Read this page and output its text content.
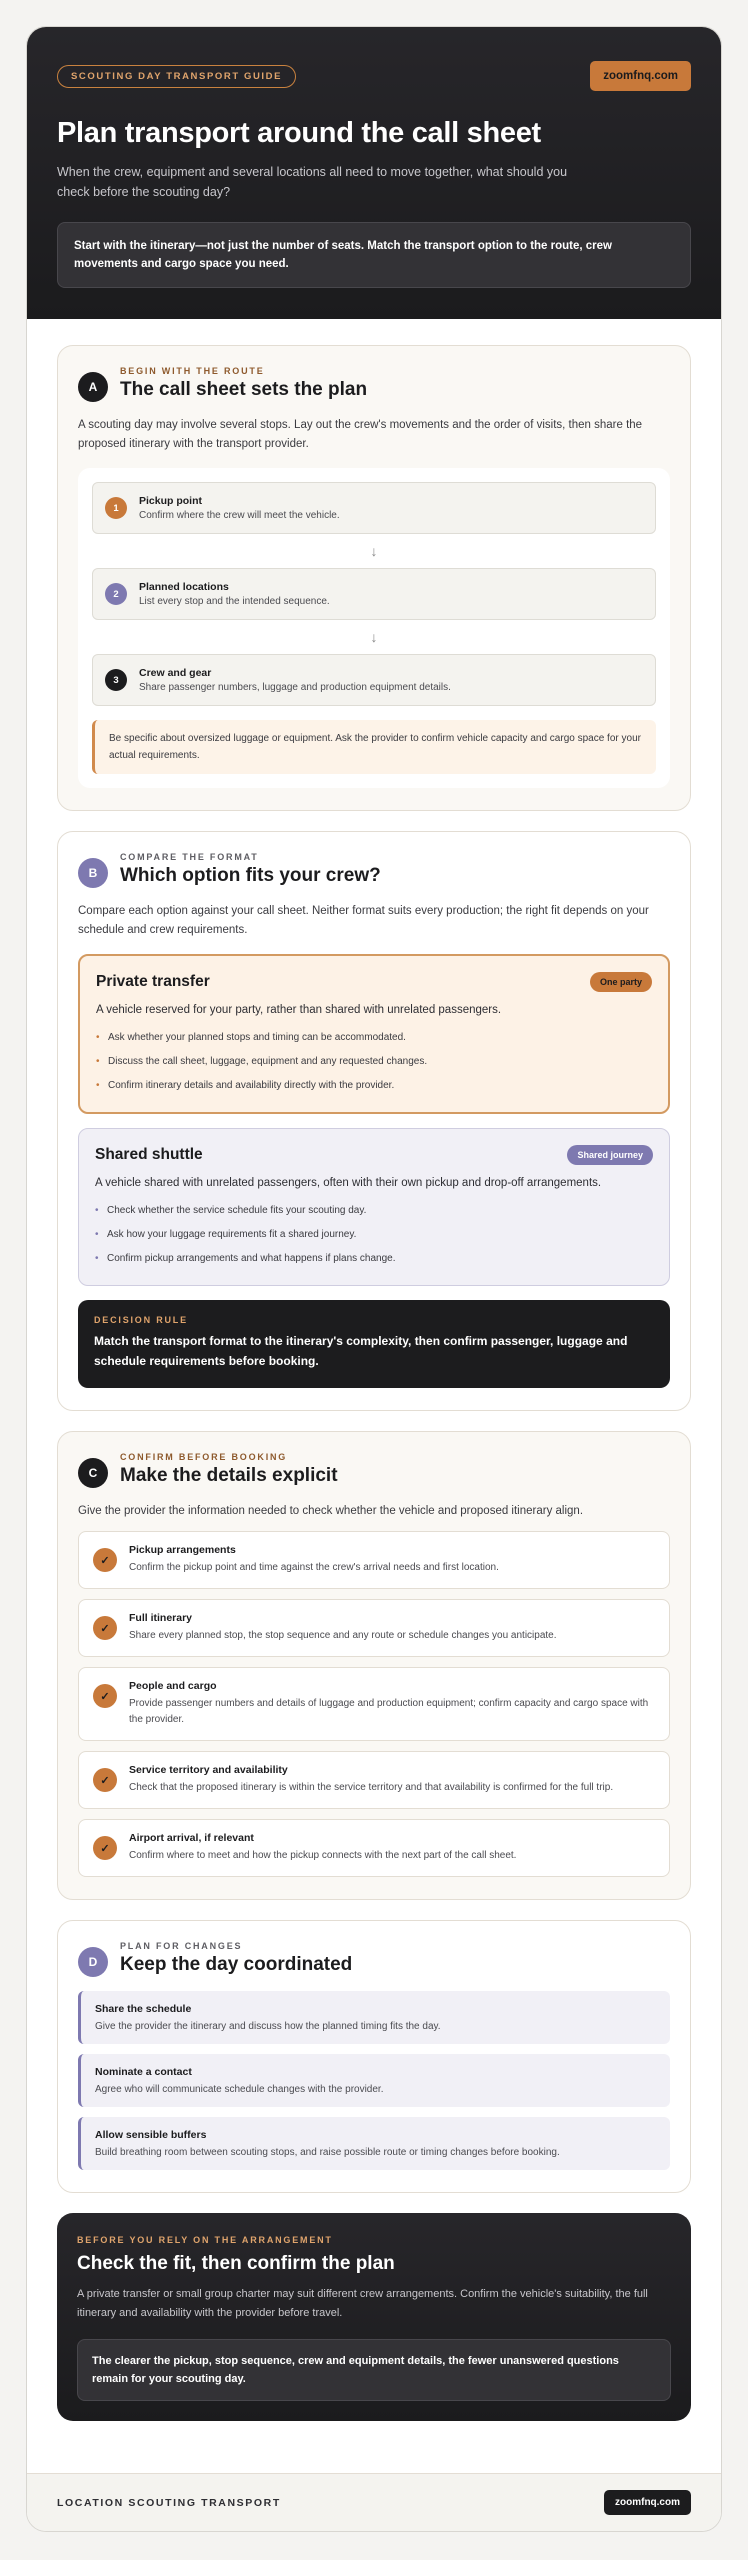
SCOUTING DAY TRANSPORT GUIDE	zoomfnq.com
Plan transport around the call sheet

When the crew, equipment and several locations all need to move together, what should you check before the scouting day?

Start with the itinerary—not just the number of seats. Match the transport option to the route, crew movements and cargo space you need.
A
BEGIN WITH THE ROUTE
The call sheet sets the plan

A scouting day may involve several stops. Lay out the crew's movements and the order of visits, then share the proposed itinerary with the transport provider.

1
Pickup point
Confirm where the crew will meet the vehicle.
↓
2
Planned locations
List every stop and the intended sequence.
↓
3
Crew and gear
Share passenger numbers, luggage and production equipment details.
Be specific about oversized luggage or equipment. Ask the provider to confirm vehicle capacity and cargo space for your actual requirements.
B
COMPARE THE FORMAT
Which option fits your crew?

Compare each option against your call sheet. Neither format suits every production; the right fit depends on your schedule and crew requirements.

Private transfer	One party
A vehicle reserved for your party, rather than shared with unrelated passengers.
• Ask whether your planned stops and timing can be accommodated.
• Discuss the call sheet, luggage, equipment and any requested changes.
• Confirm itinerary details and availability directly with the provider.
Shared shuttle	Shared journey
A vehicle shared with unrelated passengers, often with their own pickup and drop-off arrangements.
• Check whether the service schedule fits your scouting day.
• Ask how your luggage requirements fit a shared journey.
• Confirm pickup arrangements and what happens if plans change.
DECISION RULE
Match the transport format to the itinerary's complexity, then confirm passenger, luggage and schedule requirements before booking.
C
CONFIRM BEFORE BOOKING
Make the details explicit

Give the provider the information needed to check whether the vehicle and proposed itinerary align.

✓
Pickup arrangements
Confirm the pickup point and time against the crew's arrival needs and first location.
✓
Full itinerary
Share every planned stop, the stop sequence and any route or schedule changes you anticipate.
✓
People and cargo
Provide passenger numbers and details of luggage and production equipment; confirm capacity and cargo space with the provider.
✓
Service territory and availability
Check that the proposed itinerary is within the service territory and that availability is confirmed for the full trip.
✓
Airport arrival, if relevant
Confirm where to meet and how the pickup connects with the next part of the call sheet.
D
PLAN FOR CHANGES
Keep the day coordinated
Share the schedule
Give the provider the itinerary and discuss how the planned timing fits the day.
Nominate a contact
Agree who will communicate schedule changes with the provider.
Allow sensible buffers
Build breathing room between scouting stops, and raise possible route or timing changes before booking.
BEFORE YOU RELY ON THE ARRANGEMENT
Check the fit, then confirm the plan

A private transfer or small group charter may suit different crew arrangements. Confirm the vehicle's suitability, the full itinerary and availability with the provider before travel.

The clearer the pickup, stop sequence, crew and equipment details, the fewer unanswered questions remain for your scouting day.
LOCATION SCOUTING TRANSPORT	zoomfnq.com
